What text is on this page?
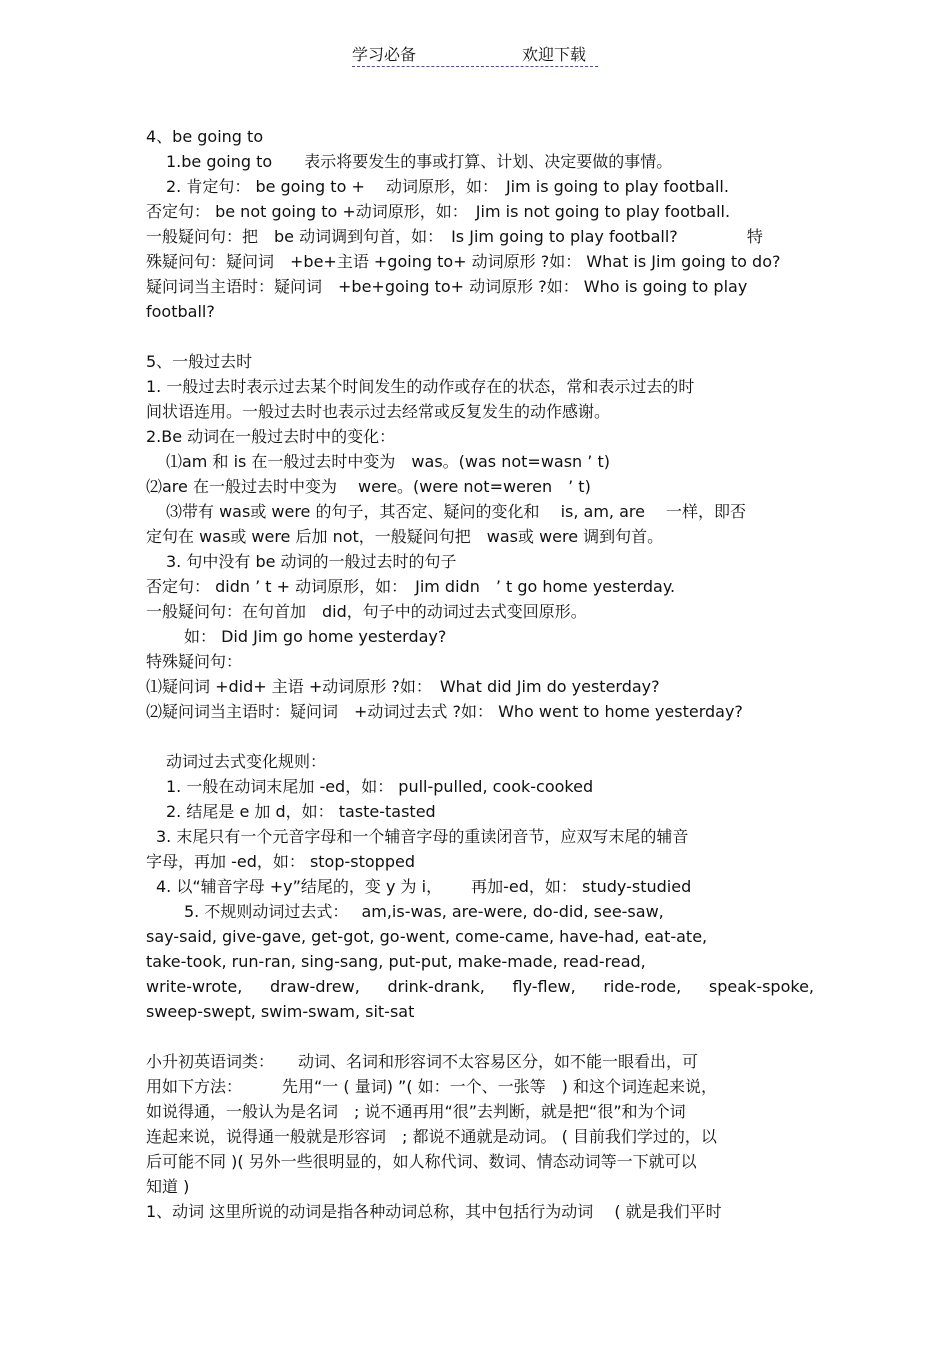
学习必备	欢迎下载
4、be going to
1.be going to　　表示将要发生的事或打算、计划、决定要做的事情。
2. 肯定句： be going to +　 动词原形，如：　Jim is going to play football.
否定句： be not going to +动词原形，如：　Jim is not going to play football.
一般疑问句：把　be 动词调到句首，如：　Is Jim going to play football?　　　　 特
殊疑问句：疑问词　+be+主语 +going to+ 动词原形 ?如： What is Jim going to do?
疑问词当主语时：疑问词　+be+going to+ 动词原形 ?如： Who is going to play
football?
5、一般过去时
1. 一般过去时表示过去某个时间发生的动作或存在的状态，常和表示过去的时
间状语连用。一般过去时也表示过去经常或反复发生的动作感谢。
2.Be 动词在一般过去时中的变化：
⑴am 和 is 在一般过去时中变为　was。(was not=wasn ’ t)
⑵are 在一般过去时中变为　 were。(were not=weren　’ t)
⑶带有 was或 were 的句子，其否定、疑问的变化和　 is, am, are　 一样，即否
定句在 was或 were 后加 not，一般疑问句把　was或 were 调到句首。
3. 句中没有 be 动词的一般过去时的句子
否定句： didn ’ t + 动词原形，如：　Jim didn　’ t go home yesterday.
一般疑问句：在句首加　did，句子中的动词过去式变回原形。
如： Did Jim go home yesterday?
特殊疑问句：
⑴疑问词 +did+ 主语 +动词原形 ?如：　What did Jim do yesterday?
⑵疑问词当主语时：疑问词　+动词过去式 ?如： Who went to home yesterday?
动词过去式变化规则：
1. 一般在动词末尾加 -ed，如： pull-pulled, cook-cooked
2. 结尾是 e 加 d，如： taste-tasted
3. 末尾只有一个元音字母和一个辅音字母的重读闭音节，应双写末尾的辅音
字母，再加 -ed，如： stop-stopped
4. 以“辅音字母 +y”结尾的，变 y 为 i，　　 再加-ed，如： study-studied
5. 不规则动词过去式：　 am,is-was, are-were, do-did, see-saw,
say-said, give-gave, get-got, go-went, come-came, have-had, eat-ate,
take-took, run-ran, sing-sang, put-put, make-made, read-read,
write-wrote, draw-drew, drink-drank, fly-flew, ride-rode, speak-spoke,
sweep-swept, swim-swam, sit-sat
小升初英语词类：　　动词、名词和形容词不太容易区分，如不能一眼看出，可
用如下方法：　　　先用“一 ( 量词) ”( 如：一个、一张等　) 和这个词连起来说，
如说得通，一般认为是名词　; 说不通再用“很”去判断，就是把“很”和为个词
连起来说，说得通一般就是形容词　; 都说不通就是动词。 ( 目前我们学过的，以
后可能不同 )( 另外一些很明显的，如人称代词、数词、情态动词等一下就可以
知道 )
1、动词 这里所说的动词是指各种动词总称，其中包括行为动词　 ( 就是我们平时
